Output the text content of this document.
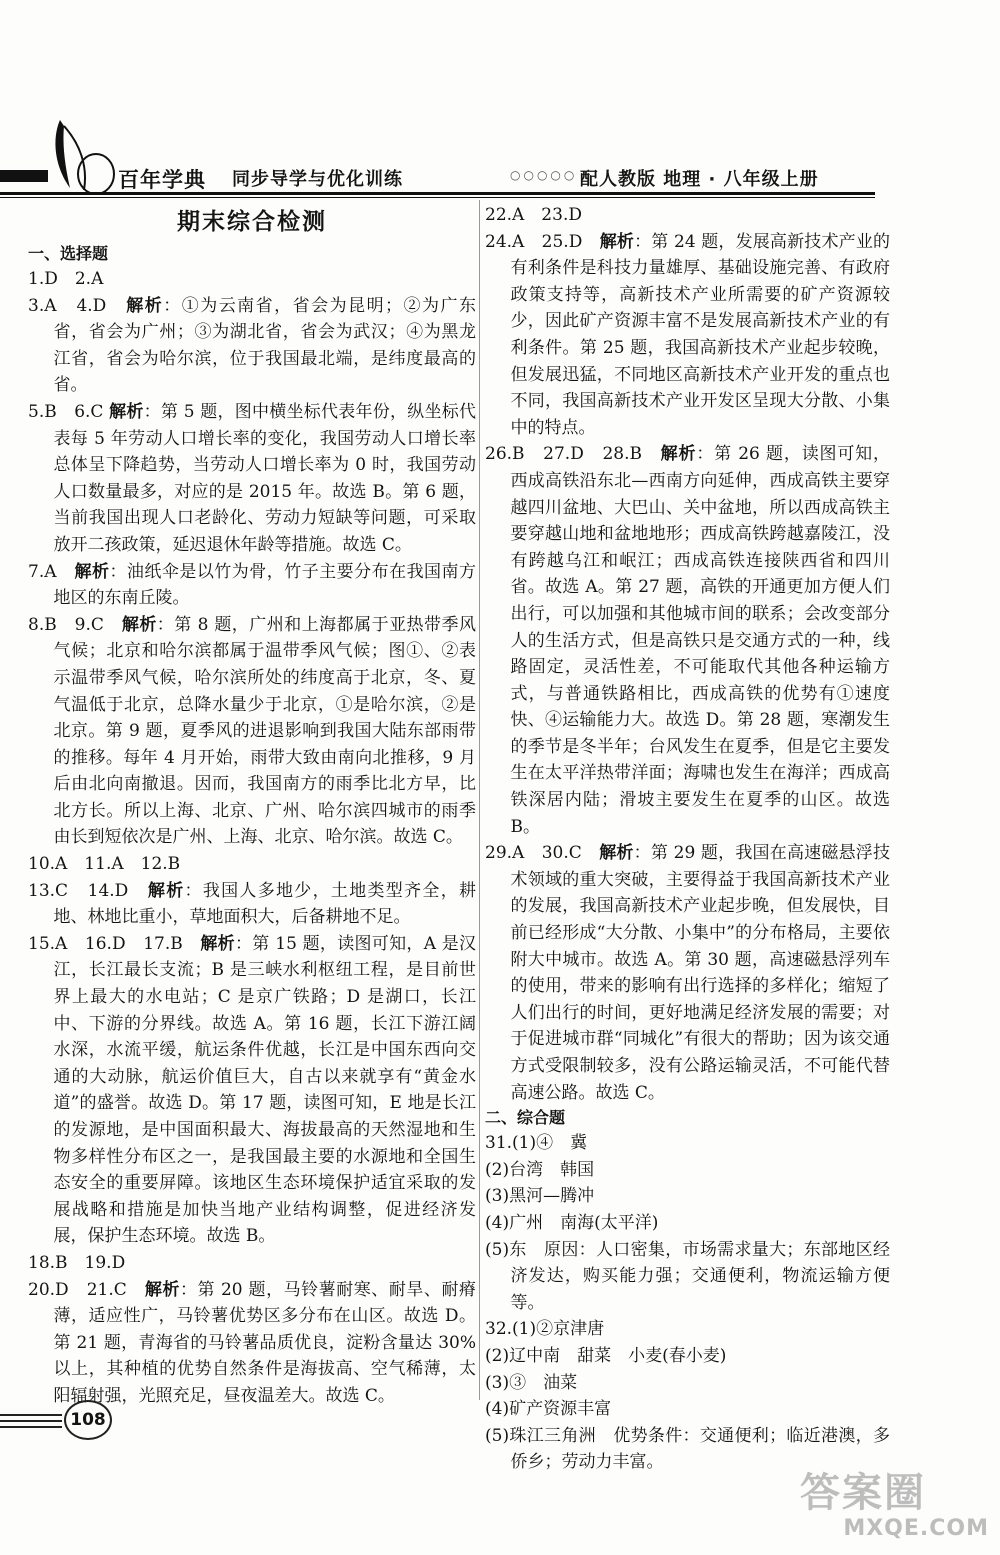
百年学典 同步导学与优化训练	○○○○○ 配人教版 地理 · 八年级上册
期末综合检测
一、选择题
1.D　2.A
3.A　4.D　解析：①为云南省，省会为昆明；②为广东省，省会为广州；③为湖北省，省会为武汉；④为黑龙江省，省会为哈尔滨，位于我国最北端，是纬度最高的省。
5.B　6.C 解析：第 5 题，图中横坐标代表年份，纵坐标代表每 5 年劳动人口增长率的变化，我国劳动人口增长率总体呈下降趋势，当劳动人口增长率为 0 时，我国劳动人口数量最多，对应的是 2015 年。故选 B。第 6 题，当前我国出现人口老龄化、劳动力短缺等问题，可采取放开二孩政策，延迟退休年龄等措施。故选 C。
7.A　解析：油纸伞是以竹为骨，竹子主要分布在我国南方地区的东南丘陵。
8.B　9.C　解析：第 8 题，广州和上海都属于亚热带季风气候；北京和哈尔滨都属于温带季风气候；图①、②表示温带季风气候，哈尔滨所处的纬度高于北京，冬、夏气温低于北京，总降水量少于北京，①是哈尔滨，②是北京。第 9 题，夏季风的进退影响到我国大陆东部雨带的推移。每年 4 月开始，雨带大致由南向北推移，9 月后由北向南撤退。因而，我国南方的雨季比北方早，比北方长。所以上海、北京、广州、哈尔滨四城市的雨季由长到短依次是广州、上海、北京、哈尔滨。故选 C。
10.A　11.A　12.B
13.C　14.D　解析：我国人多地少，土地类型齐全，耕地、林地比重小，草地面积大，后备耕地不足。
15.A　16.D　17.B　解析：第 15 题，读图可知，A 是汉江，长江最长支流；B 是三峡水利枢纽工程，是目前世界上最大的水电站；C 是京广铁路；D 是湖口，长江中、下游的分界线。故选 A。第 16 题，长江下游江阔水深，水流平缓，航运条件优越，长江是中国东西向交通的大动脉，航运价值巨大，自古以来就享有“黄金水道”的盛誉。故选 D。第 17 题，读图可知，E 地是长江的发源地，是中国面积最大、海拔最高的天然湿地和生物多样性分布区之一，是我国最主要的水源地和全国生态安全的重要屏障。该地区生态环境保护适宜采取的发展战略和措施是加快当地产业结构调整，促进经济发展，保护生态环境。故选 B。
18.B　19.D
20.D　21.C　解析：第 20 题，马铃薯耐寒、耐旱、耐瘠薄，适应性广，马铃薯优势区多分布在山区。故选 D。第 21 题，青海省的马铃薯品质优良，淀粉含量达 30% 以上，其种植的优势自然条件是海拔高、空气稀薄，太阳辐射强，光照充足，昼夜温差大。故选 C。
22.A　23.D
24.A　25.D　解析：第 24 题，发展高新技术产业的有利条件是科技力量雄厚、基础设施完善、有政府政策支持等，高新技术产业所需要的矿产资源较少，因此矿产资源丰富不是发展高新技术产业的有利条件。第 25 题，我国高新技术产业起步较晚，但发展迅猛，不同地区高新技术产业开发的重点也不同，我国高新技术产业开发区呈现大分散、小集中的特点。
26.B　27.D　28.B　解析：第 26 题，读图可知，西成高铁沿东北—西南方向延伸，西成高铁主要穿越四川盆地、大巴山、关中盆地，所以西成高铁主要穿越山地和盆地地形；西成高铁跨越嘉陵江，没有跨越乌江和岷江；西成高铁连接陕西省和四川省。故选 A。第 27 题，高铁的开通更加方便人们出行，可以加强和其他城市间的联系；会改变部分人的生活方式，但是高铁只是交通方式的一种，线路固定，灵活性差，不可能取代其他各种运输方式，与普通铁路相比，西成高铁的优势有①速度快、④运输能力大。故选 D。第 28 题，寒潮发生的季节是冬半年；台风发生在夏季，但是它主要发生在太平洋热带洋面；海啸也发生在海洋；西成高铁深居内陆；滑坡主要发生在夏季的山区。故选 B。
29.A　30.C　解析：第 29 题，我国在高速磁悬浮技术领域的重大突破，主要得益于我国高新技术产业的发展，我国高新技术产业起步晚，但发展快，目前已经形成“大分散、小集中”的分布格局，主要依附大中城市。故选 A。第 30 题，高速磁悬浮列车的使用，带来的影响有出行选择的多样化；缩短了人们出行的时间，更好地满足经济发展的需要；对于促进城市群“同城化”有很大的帮助；因为该交通方式受限制较多，没有公路运输灵活，不可能代替高速公路。故选 C。
二、综合题
31.(1)④　冀
(2)台湾　韩国
(3)黑河—腾冲
(4)广州　南海(太平洋)
(5)东　原因：人口密集，市场需求量大；东部地区经济发达，购买能力强；交通便利，物流运输方便等。
32.(1)②京津唐
(2)辽中南　甜菜　小麦(春小麦)
(3)③　油菜
(4)矿产资源丰富
(5)珠江三角洲　优势条件：交通便利；临近港澳，多侨乡；劳动力丰富。
108
答案圈
MXQE.COM
